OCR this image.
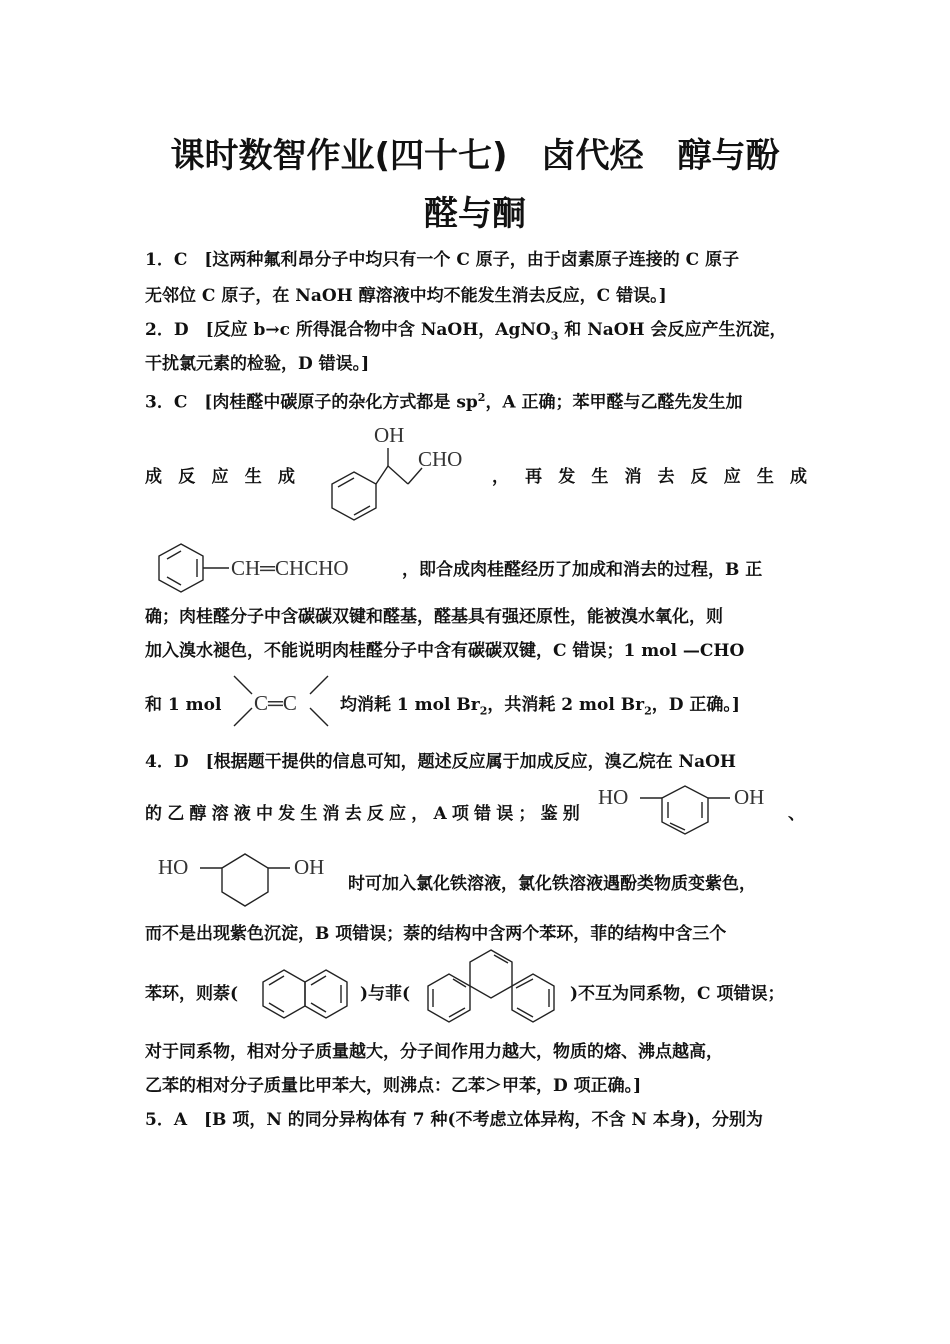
课时数智作业(四十七)　卤代烃　醇与酚
醛与酮
1．C　[这两种氟利昂分子中均只有一个 C 原子，由于卤素原子连接的 C 原子
无邻位 C 原子，在 NaOH 醇溶液中均不能发生消去反应，C 错误。]
2．D　[反应 b→c 所得混合物中含 NaOH，AgNO$_3$ 和 NaOH 会反应产生沉淀，
干扰氯元素的检验，D 错误。]
3．C　[肉桂醛中碳原子的杂化方式都是 $sp^2$，A 正确；苯甲醛与乙醛先发生加
成 反 应 生 成
OH
CHO
， 再 发 生 消 去 反 应 生 成
CH═CHCHO	，即合成肉桂醛经历了加成和消去的过程，B 正
确；肉桂醛分子中含碳碳双键和醛基，醛基具有强还原性，能被溴水氧化，则
加入溴水褪色，不能说明肉桂醛分子中含有碳碳双键，C 错误；1 mol —CHO
和 1 mol C═C	均消耗 1 mol $Br_2$，共消耗 2 mol $Br_2$，D 正确。]
4．D　[根据题干提供的信息可知，题述反应属于加成反应，溴乙烷在 NaOH
的 乙 醇 溶 液 中 发 生 消 去 反 应 ， A 项 错 误 ； 鉴 别
HO	OH
、
HO	OH
时可加入氯化铁溶液，氯化铁溶液遇酚类物质变紫色，
而不是出现紫色沉淀，B 项错误；萘的结构中含两个苯环，菲的结构中含三个
苯环，则萘(	)与菲(	)不互为同系物，C 项错误；
对于同系物，相对分子质量越大，分子间作用力越大，物质的熔、沸点越高，
乙苯的相对分子质量比甲苯大，则沸点：乙苯＞甲苯，D 项正确。]
5．A　[B 项，N 的同分异构体有 7 种(不考虑立体异构，不含 N 本身)，分别为
